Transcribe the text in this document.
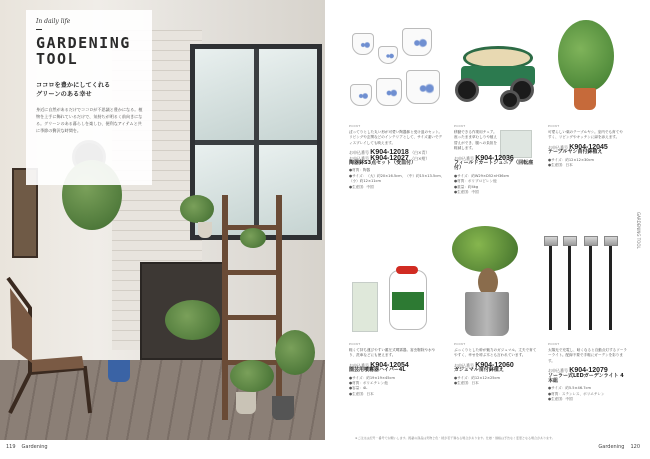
In daily life
GARDENING
TOOL
ココロを豊かにしてくれる
グリーンのある幸せ
身近に自然があるだけでココロが不思議と豊かになる。植物を上手に飾れているだけで、気持ちが明るく前向きになる。グリーンのある暮らしを楽しむ、便利なアイテムと共に季節の贅沢な時間を。
POINT
ぽってりとした丸い形が可愛い陶器鉢と受け皿のセット。リビングや玄関などのインテリアとして、サイズ違いでディスプレイしても映えます。
お申込番号 K904-12018 （白×青）
お申込番号 K904-12027 （白×紺）
陶器鉢S3点セット（受皿付）
●材質：陶器
●サイズ：（大）約20×16.5cm、（中）約15×13.5cm、（小）約12×11cm
●生産国：中国
POINT
移動できる作業用チェア。座ったまま草むしりや植え替えができ、腰への負担を軽減します。
お申込番号 K904-12036
フィールドカートジュニア（回転座付）
●サイズ：約W29×D52×H36cm
●材質：ポリプロピレン他
●重量：約4kg
●生産国：中国
POINT
可愛らしい葉のテーブルヤシ。室内でも育てやすく、リビングやキッチンに緑を添えます。
お申込番号 K904-12045
テーブルヤシ苗付鉢植え
●サイズ：約12×12×30cm
●生産国：日本
POINT
軽くて持ち運びやすい蓄圧式噴霧器。害虫駆除や水やり、洗車などにも使えます。
お申込番号 K904-12054
園芸用噴霧器ハイパー4L
●サイズ：約19×19×45cm
●材質：ポリエチレン他
●容量：4L
●生産国：日本
POINT
ぷっくりとした幹が魅力のガジュマル。丈夫で育てやすく、幸せを呼ぶ木とも言われています。
お申込番号 K904-12060
ガジュマル苗付鉢植え
●サイズ：約12×12×25cm
●生産国：日本
POINT
太陽光で充電し、暗くなると自動点灯するソーラーライト。配線不要で手軽にガーデンを彩ります。
お申込番号 K904-12079
ソーラー式LEDガーデンライト 4本組
●サイズ：約5.5×46.7cm
●材質：ステンレス、ポリエチレン
●生産国：中国
GARDENING TOOL
※ご注文は記号・番号でお願いします。掲載の商品は実物と色・柄が若干異なる場合があります。仕様・価格は予告なく変更となる場合があります。
119 Gardening	Gardening 120
